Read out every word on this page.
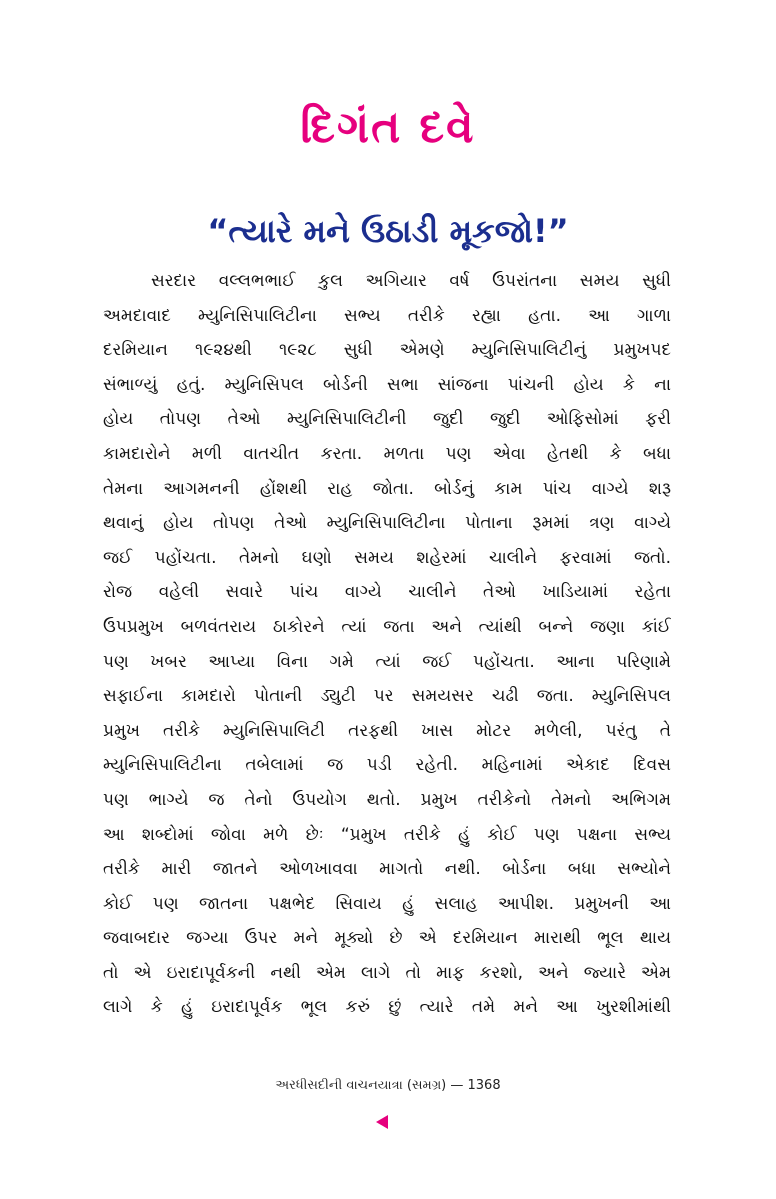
દિગંત દવે
“ત્યારે મને ઉઠાડી મૂકજો!”
સરદાર વલ્લભભાઈ કુલ અગિયાર વર્ષ ઉપરાંતના સમય સુધી
અમદાવાદ મ્યુનિસિપાલિટીના સભ્ય તરીકે રહ્યા હતા. આ ગાળા
દરમિયાન ૧૯૨૪થી ૧૯૨૮ સુધી એમણે મ્યુનિસિપાલિટીનું પ્રમુખપદ
સંભાળ્યું હતું. મ્યુનિસિપલ બોર્ડની સભા સાંજના પાંચની હોય કે ના
હોય તોપણ તેઓ મ્યુનિસિપાલિટીની જુદી જુદી ઓફિસોમાં ફરી
કામદારોને મળી વાતચીત કરતા. મળતા પણ એવા હેતથી કે બધા
તેમના આગમનની હોંશથી રાહ જોતા. બોર્ડનું કામ પાંચ વાગ્યે શરૂ
થવાનું હોય તોપણ તેઓ મ્યુનિસિપાલિટીના પોતાના રૂમમાં ત્રણ વાગ્યે
જઈ પહોંચતા. તેમનો ઘણો સમય શહેરમાં ચાલીને ફરવામાં જતો.
રોજ વહેલી સવારે પાંચ વાગ્યે ચાલીને તેઓ ખાડિયામાં રહેતા
ઉપપ્રમુખ બળવંતરાય ઠાકોરને ત્યાં જતા અને ત્યાંથી બન્ને જણા કાંઈ
પણ ખબર આપ્યા વિના ગમે ત્યાં જઈ પહોંચતા. આના પરિણામે
સફાઈના કામદારો પોતાની ડ્યુટી પર સમયસર ચઢી જતા. મ્યુનિસિપલ
પ્રમુખ તરીકે મ્યુનિસિપાલિટી તરફથી ખાસ મોટર મળેલી, પરંતુ તે
મ્યુનિસિપાલિટીના તબેલામાં જ પડી રહેતી. મહિનામાં એકાદ દિવસ
પણ ભાગ્યે જ તેનો ઉપયોગ થતો. પ્રમુખ તરીકેનો તેમનો અભિગમ
આ શબ્દોમાં જોવા મળે છેઃ “પ્રમુખ તરીકે હું કોઈ પણ પક્ષના સભ્ય
તરીકે મારી જાતને ઓળખાવવા માગતો નથી. બોર્ડના બધા સભ્યોને
કોઈ પણ જાતના પક્ષભેદ સિવાય હું સલાહ આપીશ. પ્રમુખની આ
જવાબદાર જગ્યા ઉપર મને મૂક્યો છે એ દરમિયાન મારાથી ભૂલ થાય
તો એ ઇરાદાપૂર્વકની નથી એમ લાગે તો માફ કરશો, અને જ્યારે એમ
લાગે કે હું ઇરાદાપૂર્વક ભૂલ કરું છું ત્યારે તમે મને આ ખુરશીમાંથી
અરધીસદીની વાચનયાત્રા (સમગ્ર) — 1368
